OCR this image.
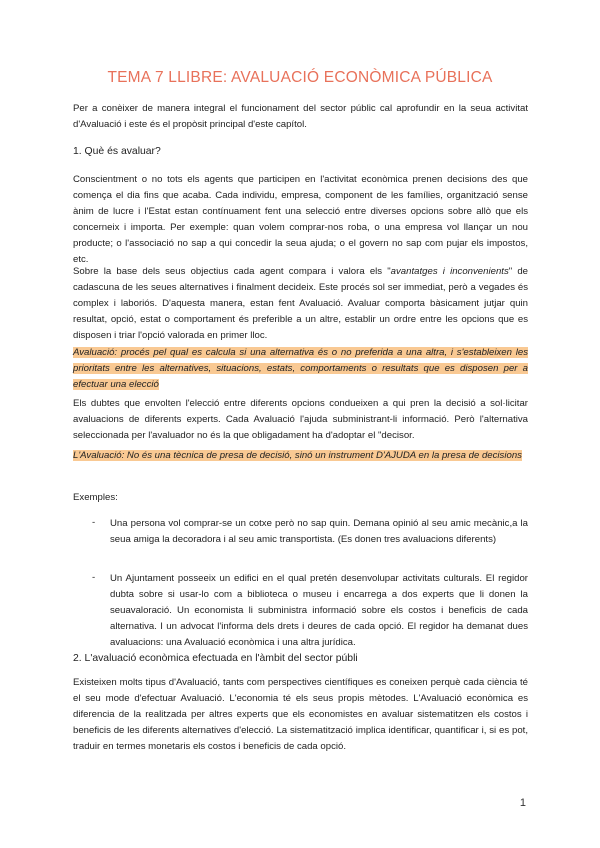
TEMA 7 LLIBRE: AVALUACIÓ ECONÒMICA PÚBLICA

Per a conèixer de manera integral el funcionament del sector públic cal aprofundir en la seua activitat d'Avaluació i este és el propòsit principal d'este capítol.

1. Què és avaluar?

Conscientment o no tots els agents que participen en l'activitat econòmica prenen decisions des que comença el dia fins que acaba. Cada individu, empresa, component de les famílies, organització sense ànim de lucre i l'Estat estan contínuament fent una selecció entre diverses opcions sobre allò que els concerneix i importa. Per exemple: quan volem comprar-nos roba, o una empresa vol llançar un nou producte; o l'associació no sap a qui concedir la seua ajuda; o el govern no sap com pujar els impostos, etc.

Sobre la base dels seus objectius cada agent compara i valora els "avantatges i inconvenients" de cadascuna de les seues alternatives i finalment decideix. Este procés sol ser immediat, però a vegades és complex i laboriós. D'aquesta manera, estan fent Avaluació. Avaluar comporta bàsicament jutjar quin resultat, opció, estat o comportament és preferible a un altre, establir un ordre entre les opcions que es disposen i triar l'opció valorada en primer lloc.

Avaluació: procés pel qual es calcula si una alternativa és o no preferida a una altra, i s'estableixen les prioritats entre les alternatives, situacions, estats, comportaments o resultats que es disposen per a efectuar una elecció

Els dubtes que envolten l'elecció entre diferents opcions condueixen a qui pren la decisió a sol·licitar avaluacions de diferents experts. Cada Avaluació l'ajuda subministrant-li informació. Però l'alternativa seleccionada per l'avaluador no és la que obligadament ha d'adoptar el "decisor.

L'Avaluació: No és una tècnica de presa de decisió, sinó un instrument D'AJUDA en la presa de decisions

Exemples:

- Una persona vol comprar-se un cotxe però no sap quin. Demana opinió al seu amic mecànic,a la seua amiga la decoradora i al seu amic transportista. (Es donen tres avaluacions diferents)

- Un Ajuntament posseeix un edifici en el qual pretén desenvolupar activitats culturals. El regidor dubta sobre si usar-lo com a biblioteca o museu i encarrega a dos experts que li donen la seuavaloració. Un economista li subministra informació sobre els costos i beneficis de cada alternativa. I un advocat l'informa dels drets i deures de cada opció. El regidor ha demanat dues avaluacions: una Avaluació econòmica i una altra jurídica.

2. L'avaluació econòmica efectuada en l'àmbit del sector públi

Existeixen molts tipus d'Avaluació, tants com perspectives científiques es coneixen perquè cada ciència té el seu mode d'efectuar Avaluació. L'economia té els seus propis mètodes. L'Avaluació econòmica es diferencia de la realitzada per altres experts que els economistes en avaluar sistematitzen els costos i beneficis de les diferents alternatives d'elecció. La sistematització implica identificar, quantificar i, si es pot, traduir en termes monetaris els costos i beneficis de cada opció.

1
